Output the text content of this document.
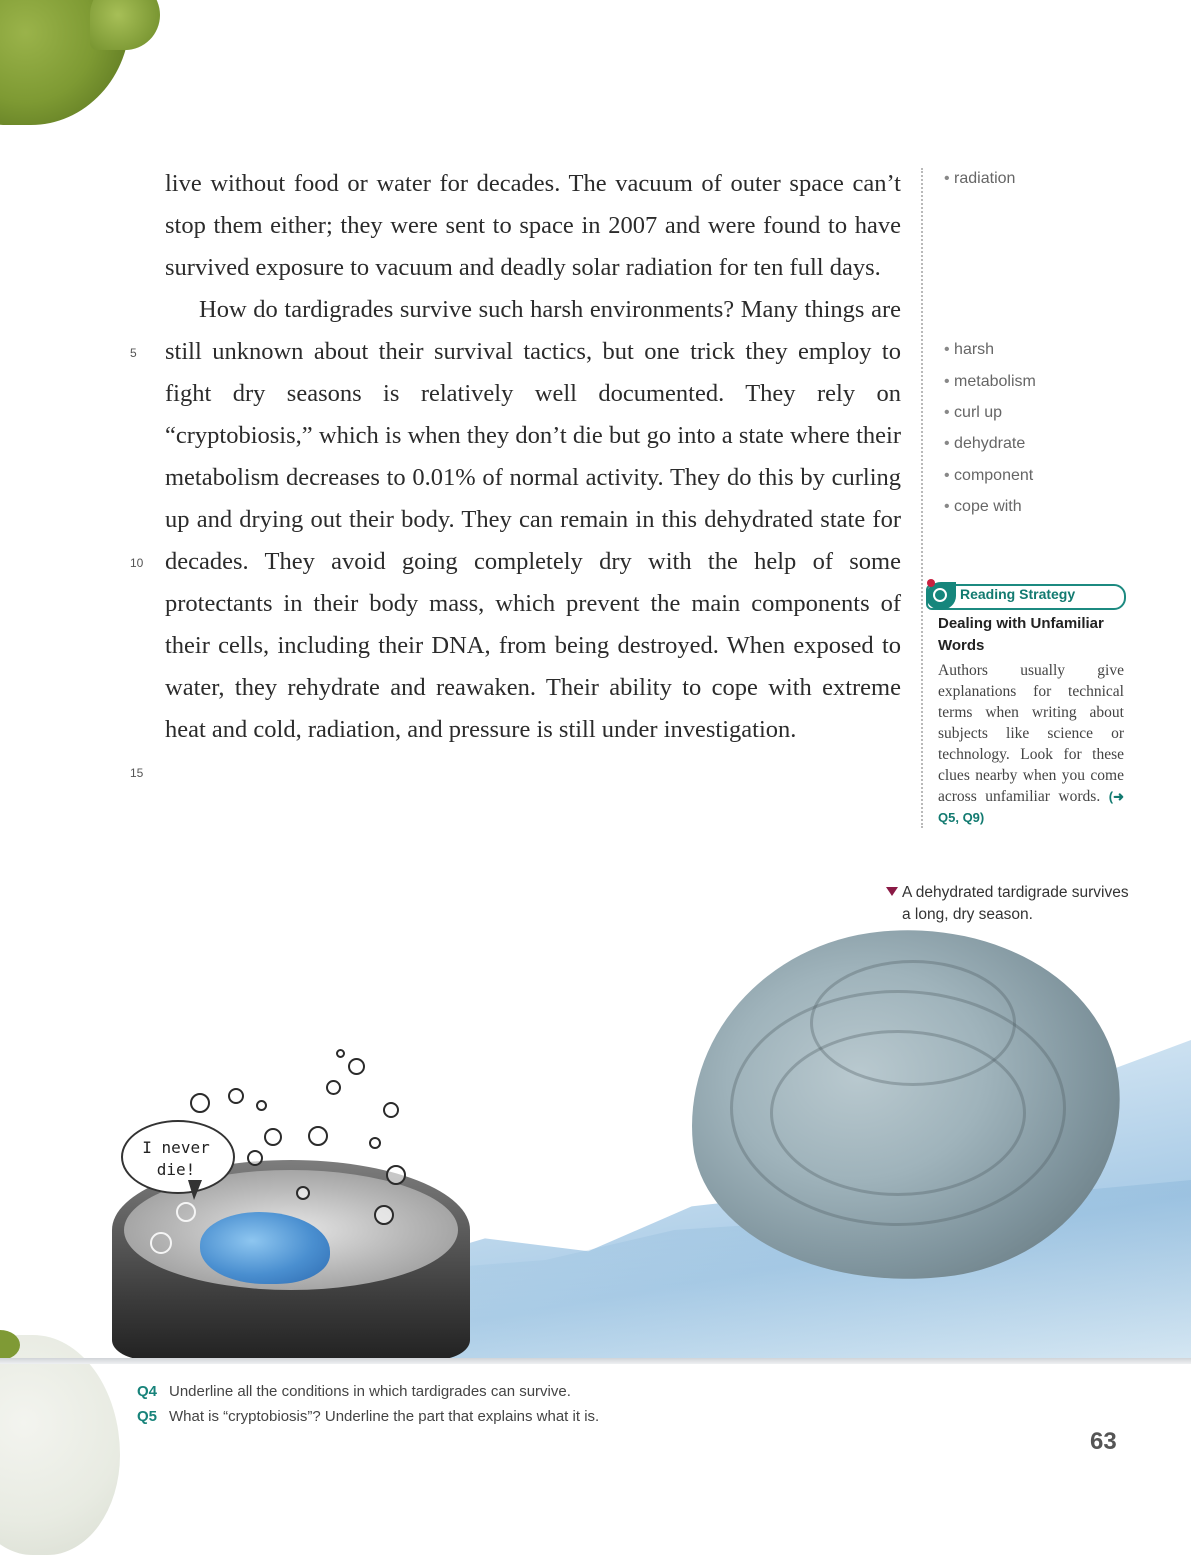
live without food or water for decades. The vacuum of outer space can’t stop them either; they were sent to space in 2007 and were found to have survived exposure to vacuum and deadly solar radiation for ten full days.

How do tardigrades survive such harsh environments? Many things are still unknown about their survival tactics, but one trick they employ to fight dry seasons is relatively well documented. They rely on “cryptobiosis,” which is when they don’t die but go into a state where their metabolism decreases to 0.01% of normal activity. They do this by curling up and drying out their body. They can remain in this dehydrated state for decades. They avoid going completely dry with the help of some protectants in their body mass, which prevent the main components of their cells, including their DNA, from being destroyed. When exposed to water, they rehydrate and reawaken. Their ability to cope with extreme heat and cold, radiation, and pressure is still under investigation.

5
10
15
• radiation
• harsh
• metabolism
• curl up
• dehydrate
• component
• cope with
Reading Strategy
Dealing with Unfamiliar Words
Authors usually give explanations for technical terms when writing about subjects like science or technology. Look for these clues nearby when you come across unfamiliar words. (➜ Q5, Q9)
A dehydrated tardigrade survives a long, dry season.
I never die!
Q4 Underline all the conditions in which tardigrades can survive.
Q5 What is “cryptobiosis”? Underline the part that explains what it is.
63
